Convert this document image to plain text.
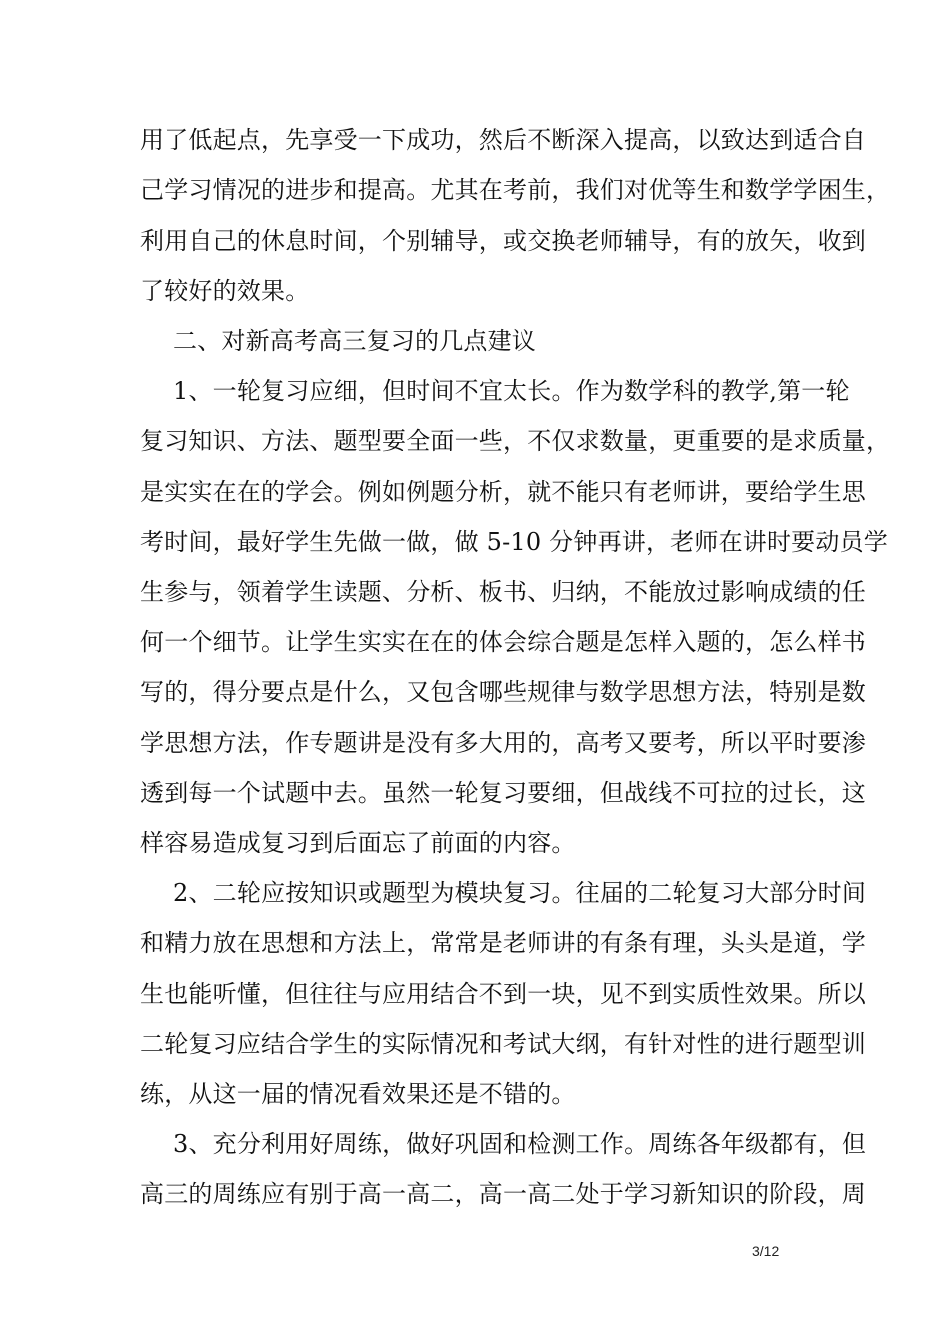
用了低起点，先享受一下成功，然后不断深入提高，以致达到适合自
己学习情况的进步和提高。尤其在考前，我们对优等生和数学学困生，
利用自己的休息时间，个别辅导，或交换老师辅导，有的放矢，收到
了较好的效果。
二、对新高考高三复习的几点建议
1、一轮复习应细，但时间不宜太长。作为数学科的教学,第一轮
复习知识、方法、题型要全面一些，不仅求数量，更重要的是求质量，
是实实在在的学会。例如例题分析，就不能只有老师讲，要给学生思
考时间，最好学生先做一做，做 5-10 分钟再讲，老师在讲时要动员学
生参与，领着学生读题、分析、板书、归纳，不能放过影响成绩的任
何一个细节。让学生实实在在的体会综合题是怎样入题的，怎么样书
写的，得分要点是什么，又包含哪些规律与数学思想方法，特别是数
学思想方法，作专题讲是没有多大用的，高考又要考，所以平时要渗
透到每一个试题中去。虽然一轮复习要细，但战线不可拉的过长，这
样容易造成复习到后面忘了前面的内容。
2、二轮应按知识或题型为模块复习。往届的二轮复习大部分时间
和精力放在思想和方法上，常常是老师讲的有条有理，头头是道，学
生也能听懂，但往往与应用结合不到一块，见不到实质性效果。所以
二轮复习应结合学生的实际情况和考试大纲，有针对性的进行题型训
练，从这一届的情况看效果还是不错的。
3、充分利用好周练，做好巩固和检测工作。周练各年级都有，但
高三的周练应有别于高一高二，高一高二处于学习新知识的阶段，周
3/12
